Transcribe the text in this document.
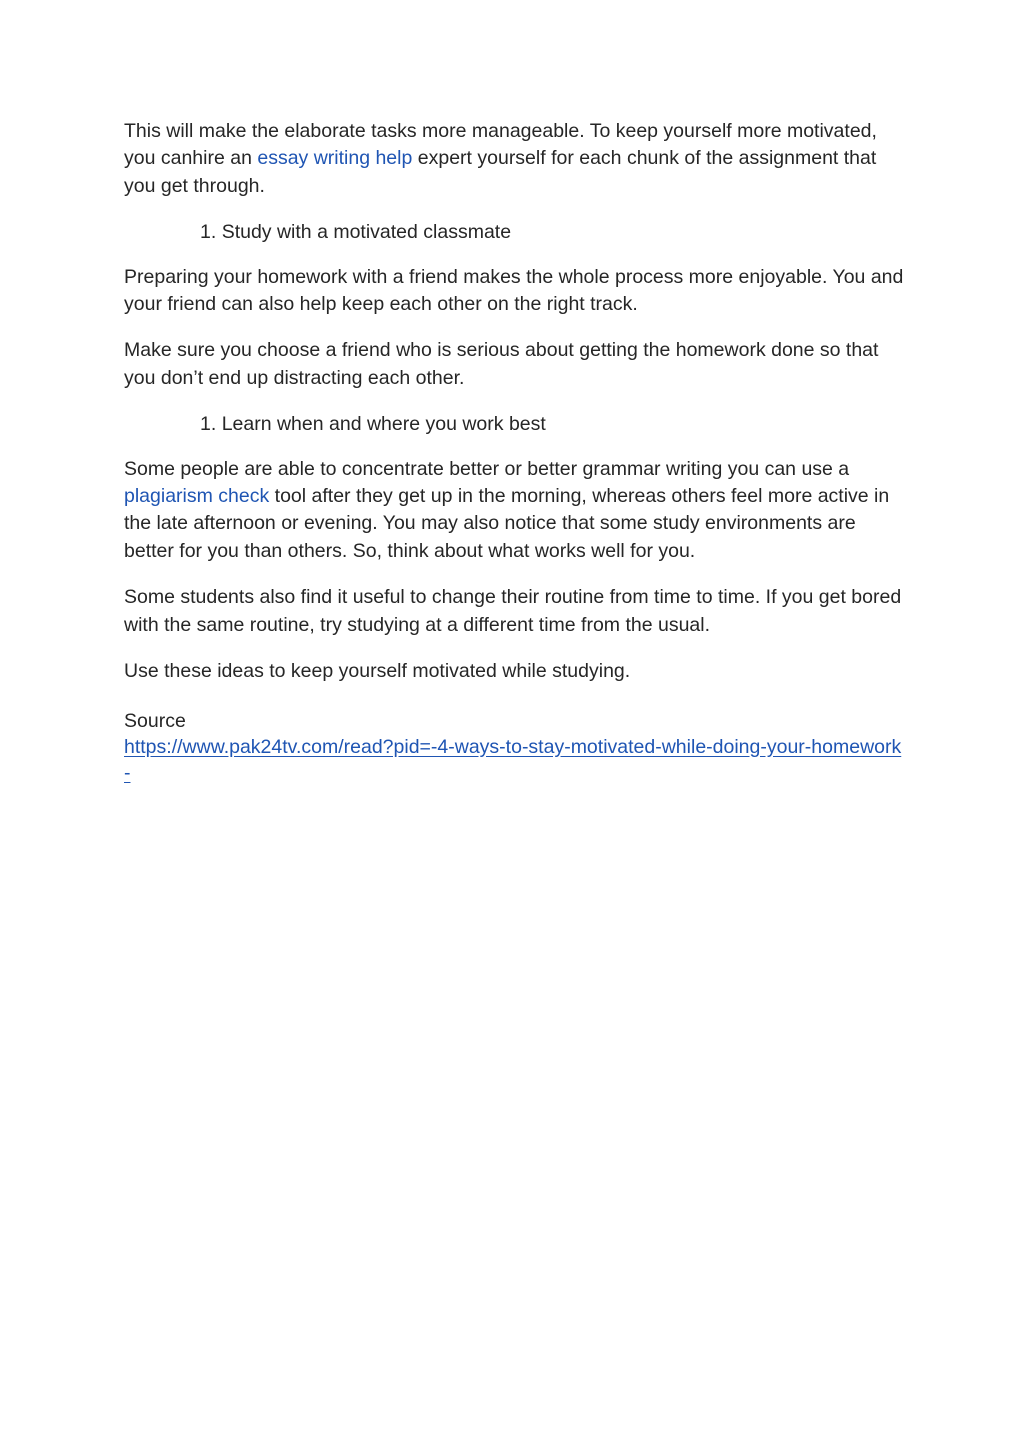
This will make the elaborate tasks more manageable. To keep yourself more motivated, you canhire an essay writing help expert yourself for each chunk of the assignment that you get through.

1. Study with a motivated classmate

Preparing your homework with a friend makes the whole process more enjoyable. You and your friend can also help keep each other on the right track.

Make sure you choose a friend who is serious about getting the homework done so that you don’t end up distracting each other.

1. Learn when and where you work best

Some people are able to concentrate better or better grammar writing you can use a plagiarism check tool after they get up in the morning, whereas others feel more active in the late afternoon or evening. You may also notice that some study environments are better for you than others. So, think about what works well for you.

Some students also find it useful to change their routine from time to time. If you get bored with the same routine, try studying at a different time from the usual.

Use these ideas to keep yourself motivated while studying.

Source
https://www.pak24tv.com/read?pid=-4-ways-to-stay-motivated-while-doing-your-homework-
